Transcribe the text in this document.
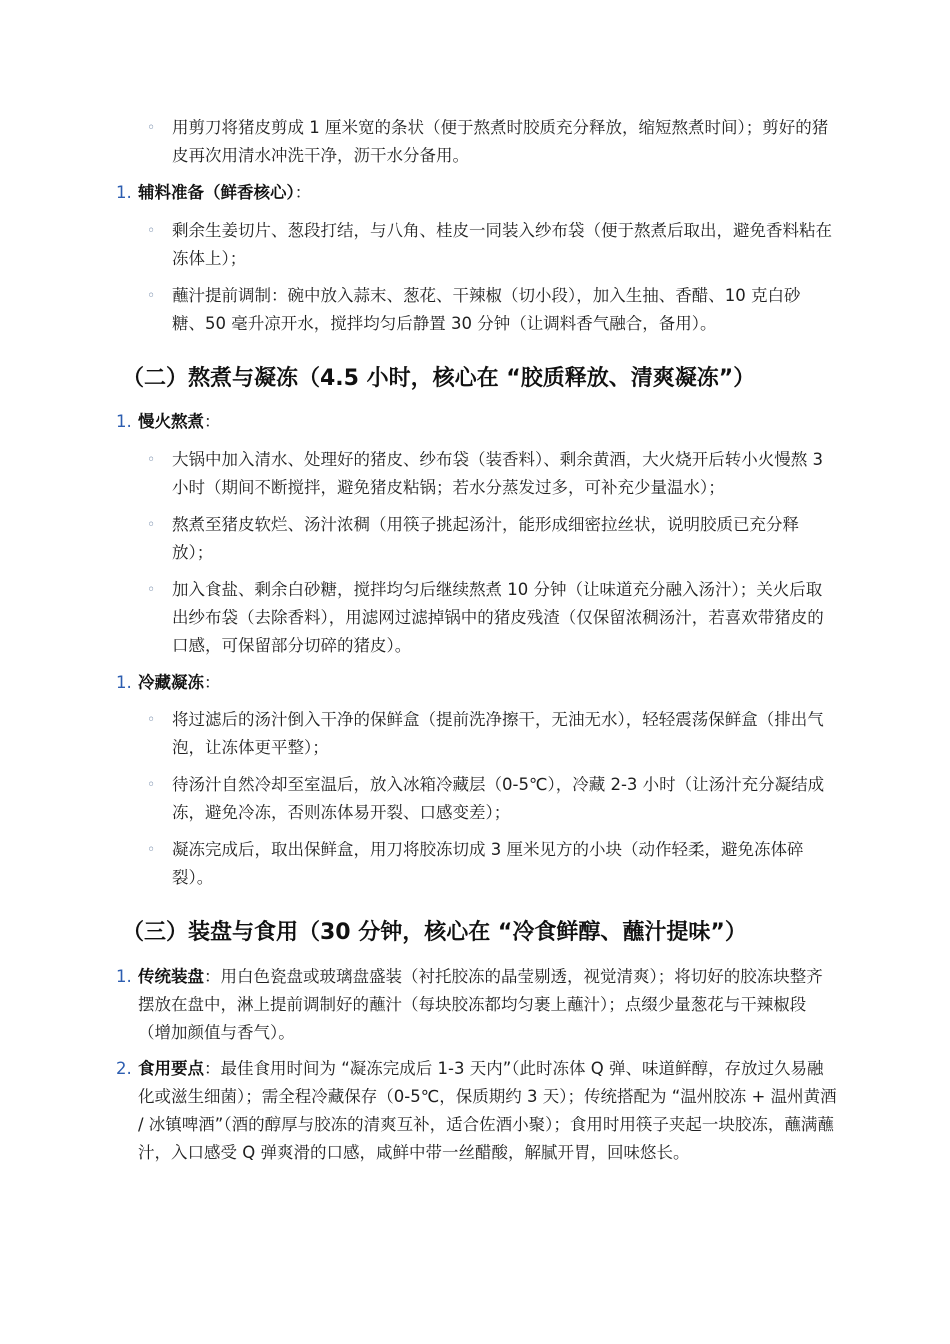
◦ 用剪刀将猪皮剪成 1 厘米宽的条状（便于熬煮时胶质充分释放，缩短熬煮时间）；剪好的猪皮再次用清水冲洗干净，沥干水分备用。
1. 辅料准备（鲜香核心）：
◦ 剩余生姜切片、葱段打结，与八角、桂皮一同装入纱布袋（便于熬煮后取出，避免香料粘在冻体上）；
◦ 蘸汁提前调制：碗中放入蒜末、葱花、干辣椒（切小段），加入生抽、香醋、10 克白砂糖、50 毫升凉开水，搅拌均匀后静置 30 分钟（让调料香气融合，备用）。
（二）熬煮与凝冻（4.5 小时，核心在 “胶质释放、清爽凝冻”）
1. 慢火熬煮：
◦ 大锅中加入清水、处理好的猪皮、纱布袋（装香料）、剩余黄酒，大火烧开后转小火慢熬 3 小时（期间不断搅拌，避免猪皮粘锅；若水分蒸发过多，可补充少量温水）；
◦ 熬煮至猪皮软烂、汤汁浓稠（用筷子挑起汤汁，能形成细密拉丝状，说明胶质已充分释放）；
◦ 加入食盐、剩余白砂糖，搅拌均匀后继续熬煮 10 分钟（让味道充分融入汤汁）；关火后取出纱布袋（去除香料），用滤网过滤掉锅中的猪皮残渣（仅保留浓稠汤汁，若喜欢带猪皮的口感，可保留部分切碎的猪皮）。
1. 冷藏凝冻：
◦ 将过滤后的汤汁倒入干净的保鲜盒（提前洗净擦干，无油无水），轻轻震荡保鲜盒（排出气泡，让冻体更平整）；
◦ 待汤汁自然冷却至室温后，放入冰箱冷藏层（0-5℃），冷藏 2-3 小时（让汤汁充分凝结成冻，避免冷冻，否则冻体易开裂、口感变差）；
◦ 凝冻完成后，取出保鲜盒，用刀将胶冻切成 3 厘米见方的小块（动作轻柔，避免冻体碎裂）。
（三）装盘与食用（30 分钟，核心在 “冷食鲜醇、蘸汁提味”）
1. 传统装盘：用白色瓷盘或玻璃盘盛装（衬托胶冻的晶莹剔透，视觉清爽）；将切好的胶冻块整齐摆放在盘中，淋上提前调制好的蘸汁（每块胶冻都均匀裹上蘸汁）；点缀少量葱花与干辣椒段（增加颜值与香气）。
2. 食用要点：最佳食用时间为 “凝冻完成后 1-3 天内”（此时冻体 Q 弹、味道鲜醇，存放过久易融化或滋生细菌）；需全程冷藏保存（0-5℃，保质期约 3 天）；传统搭配为 “温州胶冻 + 温州黄酒 / 冰镇啤酒”（酒的醇厚与胶冻的清爽互补，适合佐酒小聚）；食用时用筷子夹起一块胶冻，蘸满蘸汁，入口感受 Q 弹爽滑的口感，咸鲜中带一丝醋酸，解腻开胃，回味悠长。
